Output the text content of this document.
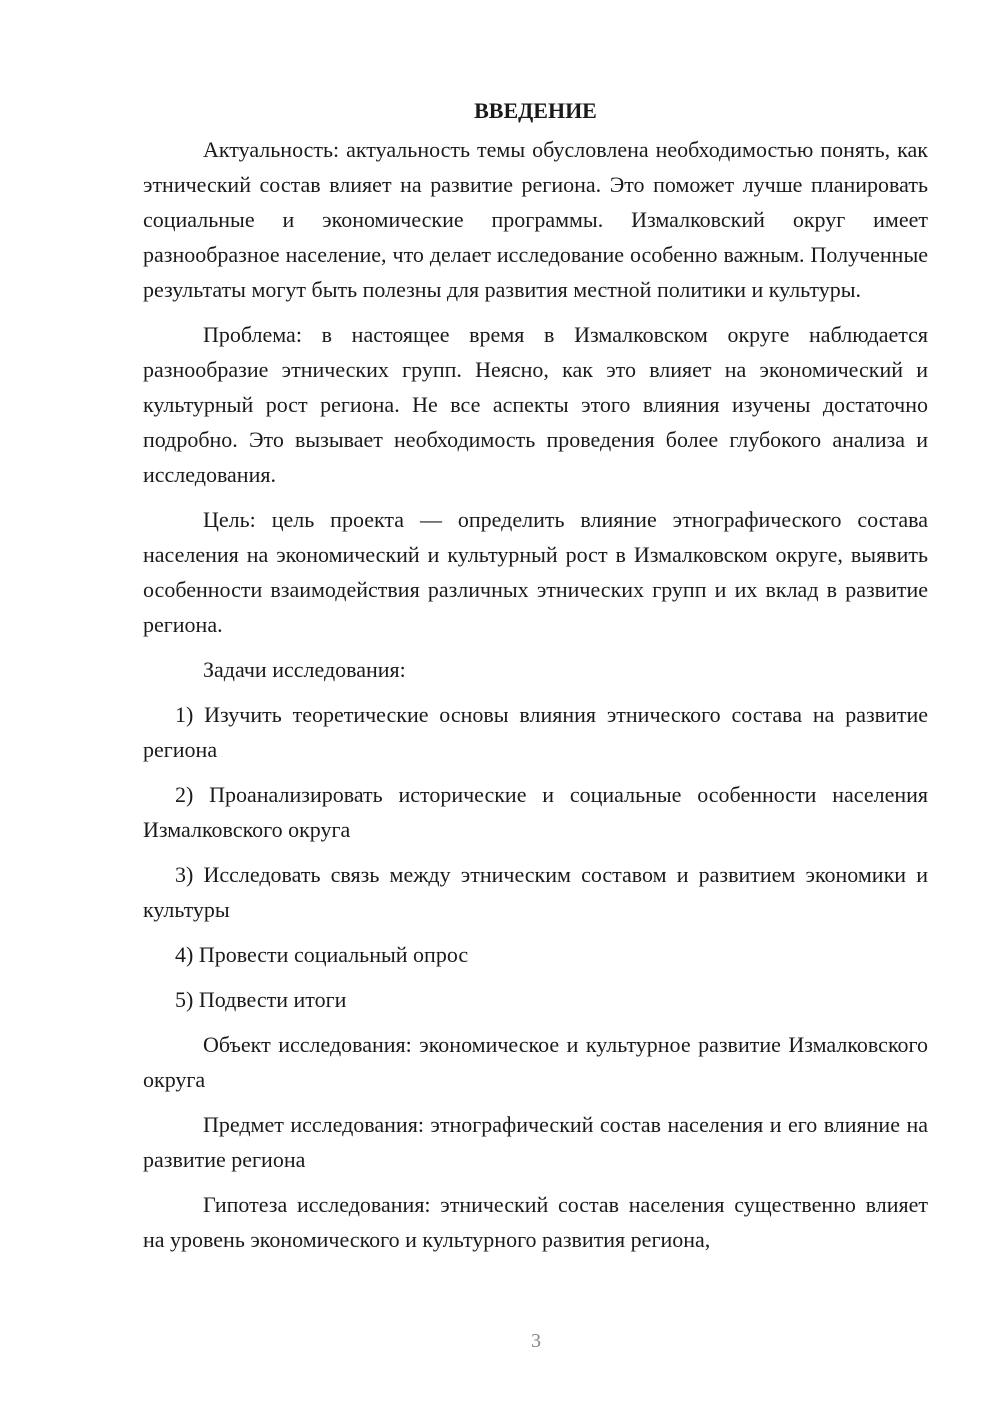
ВВЕДЕНИЕ

Актуальность: актуальность темы обусловлена необходимостью понять, как этнический состав влияет на развитие региона. Это поможет лучше планировать социальные и экономические программы. Измалковский округ имеет разнообразное население, что делает исследование особенно важным. Полученные результаты могут быть полезны для развития местной политики и культуры.

Проблема: в настоящее время в Измалковском округе наблюдается разнообразие этнических групп. Неясно, как это влияет на экономический и культурный рост региона. Не все аспекты этого влияния изучены достаточно подробно. Это вызывает необходимость проведения более глубокого анализа и исследования.

Цель: цель проекта — определить влияние этнографического состава населения на экономический и культурный рост в Измалковском округе, выявить особенности взаимодействия различных этнических групп и их вклад в развитие региона.

Задачи исследования:

1) Изучить теоретические основы влияния этнического состава на развитие региона

2) Проанализировать исторические и социальные особенности населения Измалковского округа

3) Исследовать связь между этническим составом и развитием экономики и культуры

4) Провести социальный опрос

5) Подвести итоги

Объект исследования: экономическое и культурное развитие Измалковского округа

Предмет исследования: этнографический состав населения и его влияние на развитие региона

Гипотеза исследования: этнический состав населения существенно влияет на уровень экономического и культурного развития региона,

3
